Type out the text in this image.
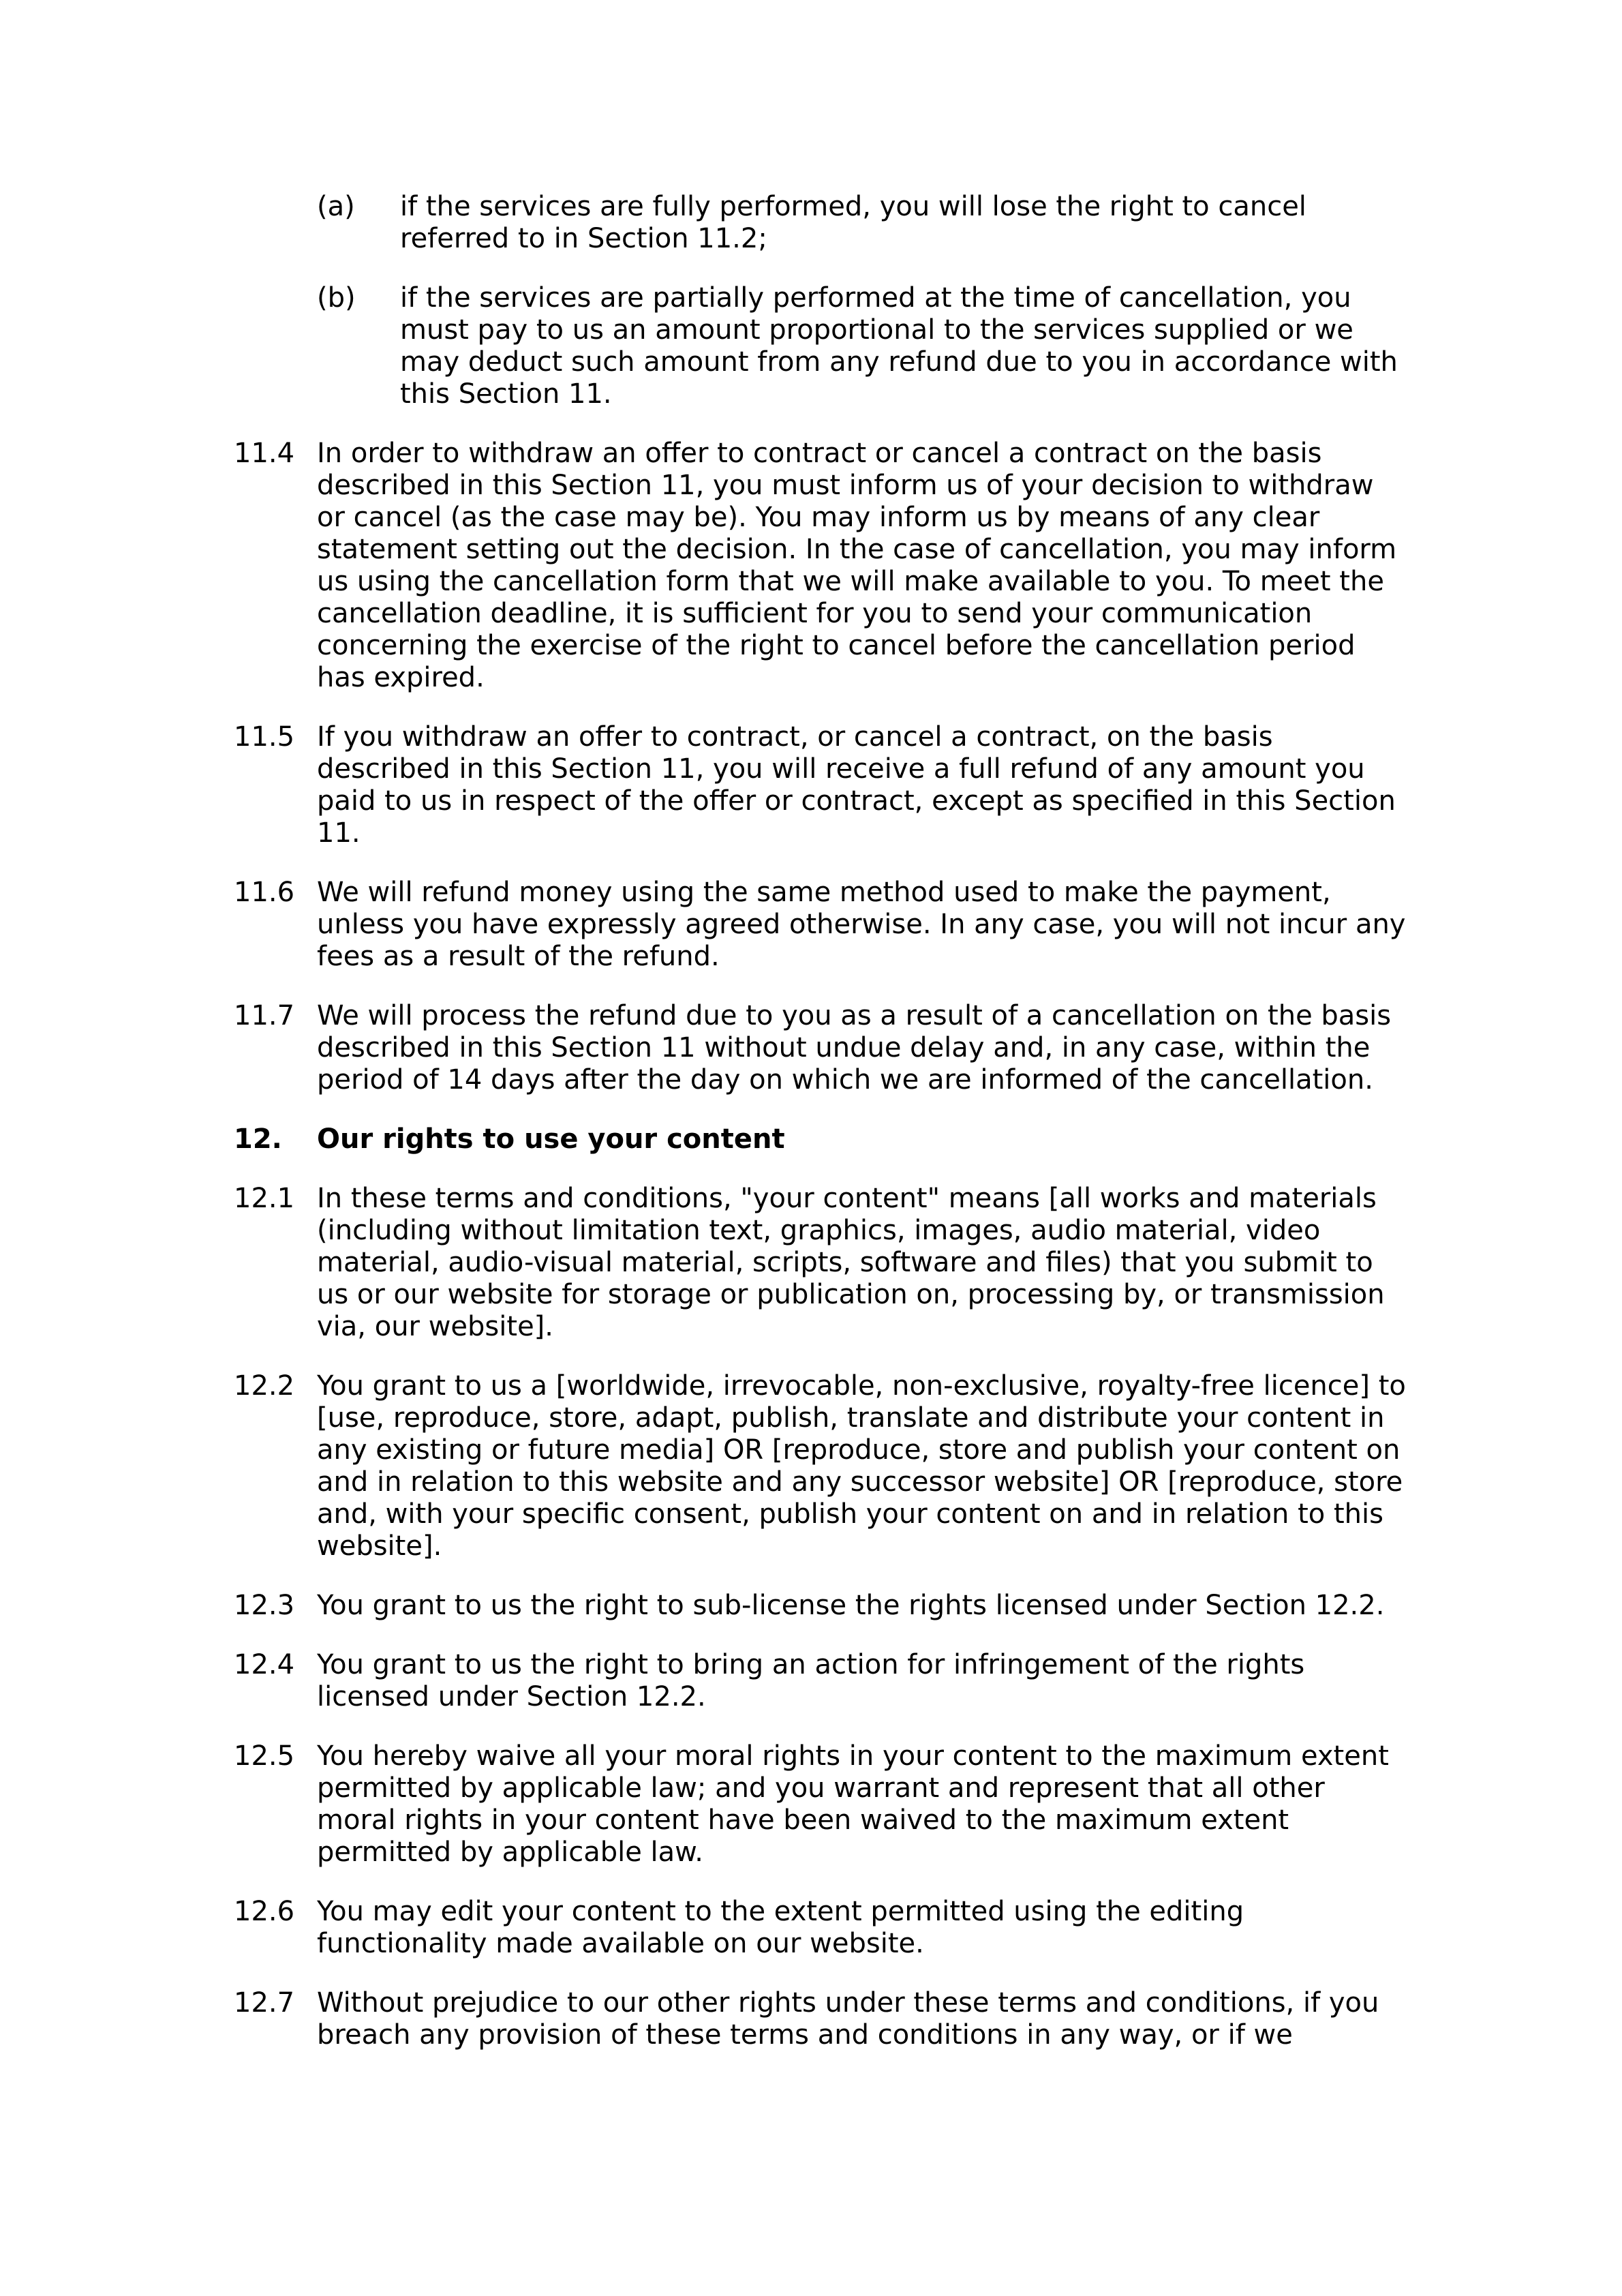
(a) if the services are fully performed, you will lose the right to cancel referred to in Section 11.2;
(b) if the services are partially performed at the time of cancellation, you must pay to us an amount proportional to the services supplied or we may deduct such amount from any refund due to you in accordance with this Section 11.
11.4 In order to withdraw an offer to contract or cancel a contract on the basis described in this Section 11, you must inform us of your decision to withdraw or cancel (as the case may be). You may inform us by means of any clear statement setting out the decision. In the case of cancellation, you may inform us using the cancellation form that we will make available to you. To meet the cancellation deadline, it is sufficient for you to send your communication concerning the exercise of the right to cancel before the cancellation period has expired.
11.5 If you withdraw an offer to contract, or cancel a contract, on the basis described in this Section 11, you will receive a full refund of any amount you paid to us in respect of the offer or contract, except as specified in this Section 11.
11.6 We will refund money using the same method used to make the payment, unless you have expressly agreed otherwise. In any case, you will not incur any fees as a result of the refund.
11.7 We will process the refund due to you as a result of a cancellation on the basis described in this Section 11 without undue delay and, in any case, within the period of 14 days after the day on which we are informed of the cancellation.
12. Our rights to use your content
12.1 In these terms and conditions, "your content" means [all works and materials (including without limitation text, graphics, images, audio material, video material, audio-visual material, scripts, software and files) that you submit to us or our website for storage or publication on, processing by, or transmission via, our website].
12.2 You grant to us a [worldwide, irrevocable, non-exclusive, royalty-free licence] to [use, reproduce, store, adapt, publish, translate and distribute your content in any existing or future media] OR [reproduce, store and publish your content on and in relation to this website and any successor website] OR [reproduce, store and, with your specific consent, publish your content on and in relation to this website].
12.3 You grant to us the right to sub-license the rights licensed under Section 12.2.
12.4 You grant to us the right to bring an action for infringement of the rights licensed under Section 12.2.
12.5 You hereby waive all your moral rights in your content to the maximum extent permitted by applicable law; and you warrant and represent that all other moral rights in your content have been waived to the maximum extent permitted by applicable law.
12.6 You may edit your content to the extent permitted using the editing functionality made available on our website.
12.7 Without prejudice to our other rights under these terms and conditions, if you breach any provision of these terms and conditions in any way, or if we
